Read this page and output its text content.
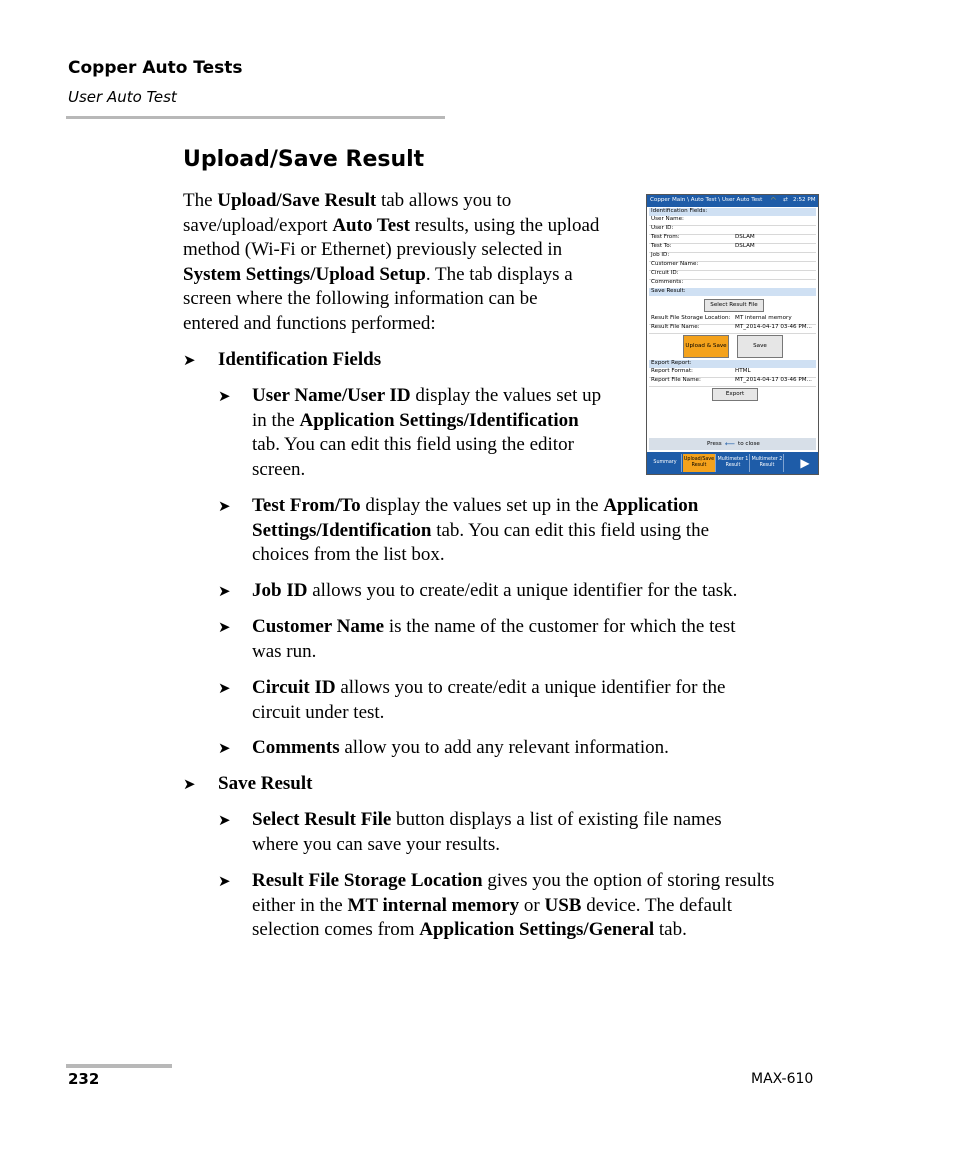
Copper Auto Tests
User Auto Test
Upload/Save Result
The Upload/Save Result tab allows you to
save/upload/export Auto Test results, using the upload
method (Wi-Fi or Ethernet) previously selected in
System Settings/Upload Setup. The tab displays a
screen where the following information can be
entered and functions performed:
➤ Identification Fields
➤ User Name/User ID display the values set up
in the Application Settings/Identification
tab. You can edit this field using the editor
screen.
➤ Test From/To display the values set up in the Application
Settings/Identification tab. You can edit this field using the
choices from the list box.
➤ Job ID allows you to create/edit a unique identifier for the task.
➤ Customer Name is the name of the customer for which the test
was run.
➤ Circuit ID allows you to create/edit a unique identifier for the
circuit under test.
➤ Comments allow you to add any relevant information.
➤ Save Result
➤ Select Result File button displays a list of existing file names
where you can save your results.
➤ Result File Storage Location gives you the option of storing results
either in the MT internal memory or USB device. The default
selection comes from Application Settings/General tab.
Copper Main \ Auto Test \ User Auto Test ◠ ⇄ 2:52 PM
Identification Fields:
User Name:
User ID:
Test From:	DSLAM
Test To:	DSLAM
Job ID:
Customer Name:
Circuit ID:
Comments:
Save Result:
Select Result File
Result File Storage Location: MT internal memory
Result File Name:	MT_2014-04-17 03-46 PM...
Upload & Save	Save
Export Report:
Report Format:	HTML
Report File Name:	MT_2014-04-17 03-46 PM...
Export
Press ⟵ to close
Summary
Upload/Save
Result
Multimeter 1
Result
Multimeter 2
Result	▶
232	MAX-610
